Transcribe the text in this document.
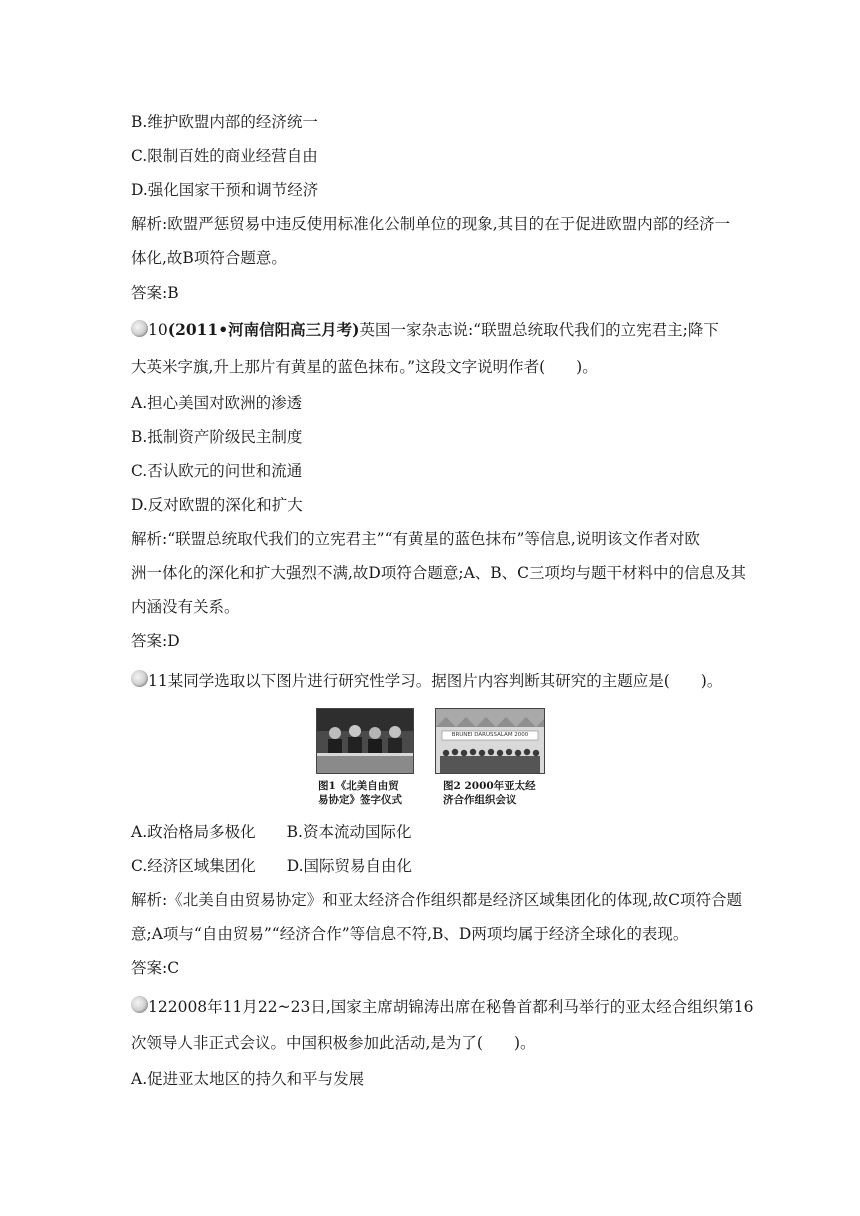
B.维护欧盟内部的经济统一
C.限制百姓的商业经营自由
D.强化国家干预和调节经济
解析:欧盟严惩贸易中违反使用标准化公制单位的现象,其目的在于促进欧盟内部的经济一
体化,故B项符合题意。
答案:B
10(2011•河南信阳高三月考)英国一家杂志说:“联盟总统取代我们的立宪君主;降下
大英米字旗,升上那片有黄星的蓝色抹布。”这段文字说明作者(　　)。
A.担心美国对欧洲的渗透
B.抵制资产阶级民主制度
C.否认欧元的问世和流通
D.反对欧盟的深化和扩大
解析:“联盟总统取代我们的立宪君主”“有黄星的蓝色抹布”等信息,说明该文作者对欧
洲一体化的深化和扩大强烈不满,故D项符合题意;A、B、C三项均与题干材料中的信息及其
内涵没有关系。
答案:D
11某同学选取以下图片进行研究性学习。据图片内容判断其研究的主题应是(　　)。
BRUNEI DARUSSALAM 2000
图1《北美自由贸
易协定》签字仪式
图2 2000年亚太经
济合作组织会议
A.政治格局多极化　　B.资本流动国际化
C.经济区域集团化　　D.国际贸易自由化
解析:《北美自由贸易协定》和亚太经济合作组织都是经济区域集团化的体现,故C项符合题
意;A项与“自由贸易”“经济合作”等信息不符,B、D两项均属于经济全球化的表现。
答案:C
122008年11月22~23日,国家主席胡锦涛出席在秘鲁首都利马举行的亚太经合组织第16
次领导人非正式会议。中国积极参加此活动,是为了(　　)。
A.促进亚太地区的持久和平与发展
